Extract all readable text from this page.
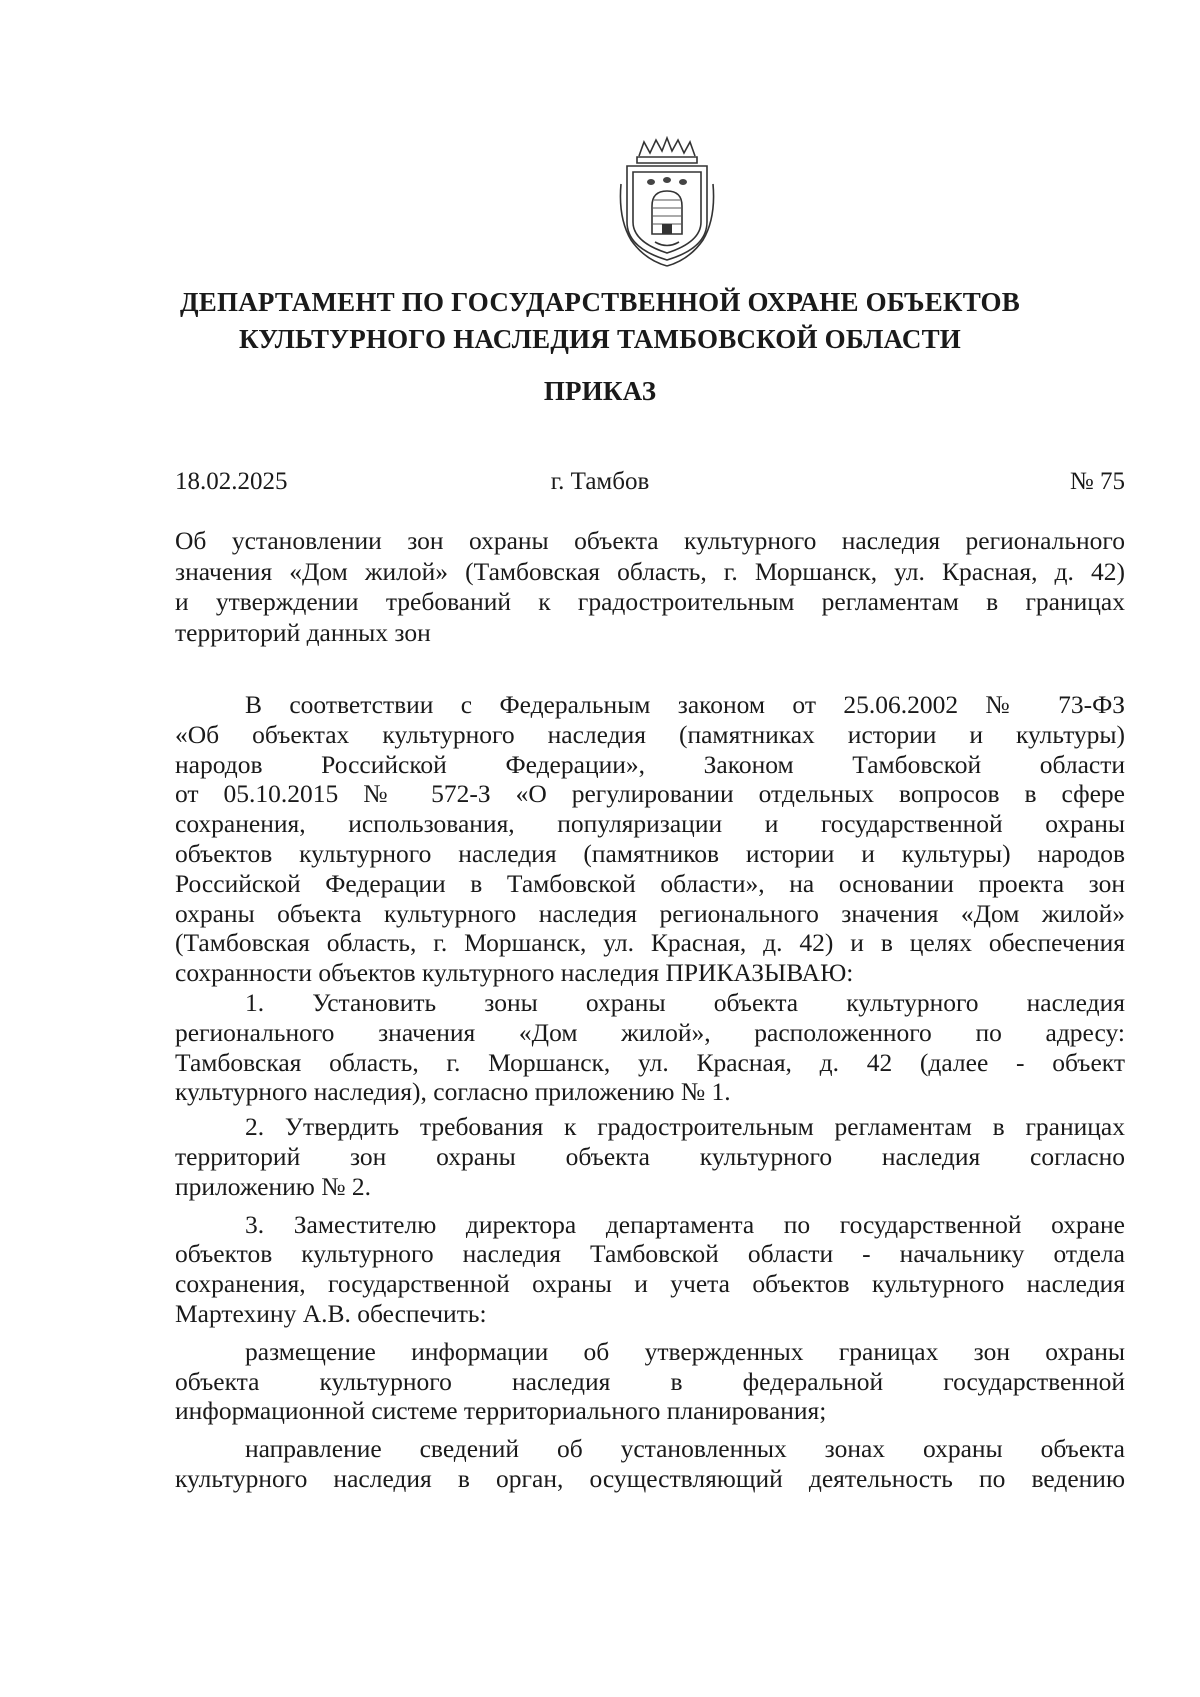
ДЕПАРТАМЕНТ ПО ГОСУДАРСТВЕННОЙ ОХРАНЕ ОБЪЕКТОВ
КУЛЬТУРНОГО НАСЛЕДИЯ ТАМБОВСКОЙ ОБЛАСТИ
ПРИКАЗ
18.02.2025	г. Тамбов	№ 75
Об установлении зон охраны объекта культурного наследия регионального
значения «Дом жилой» (Тамбовская область, г. Моршанск, ул. Красная, д. 42)
и утверждении требований к градостроительным регламентам в границах
территорий данных зон
В соответствии с Федеральным законом от 25.06.2002 № 73-ФЗ
«Об объектах культурного наследия (памятниках истории и культуры)
народов Российской Федерации», Законом Тамбовской области
от 05.10.2015 № 572-З «О регулировании отдельных вопросов в сфере
сохранения, использования, популяризации и государственной охраны
объектов культурного наследия (памятников истории и культуры) народов
Российской Федерации в Тамбовской области», на основании проекта зон
охраны объекта культурного наследия регионального значения «Дом жилой»
(Тамбовская область, г. Моршанск, ул. Красная, д. 42) и в целях обеспечения
сохранности объектов культурного наследия ПРИКАЗЫВАЮ:
1. Установить зоны охраны объекта культурного наследия
регионального значения «Дом жилой», расположенного по адресу:
Тамбовская область, г. Моршанск, ул. Красная, д. 42 (далее - объект
культурного наследия), согласно приложению № 1.
2. Утвердить требования к градостроительным регламентам в границах
территорий зон охраны объекта культурного наследия согласно
приложению № 2.
3. Заместителю директора департамента по государственной охране
объектов культурного наследия Тамбовской области - начальнику отдела
сохранения, государственной охраны и учета объектов культурного наследия
Мартехину А.В. обеспечить:
размещение информации об утвержденных границах зон охраны
объекта культурного наследия в федеральной государственной
информационной системе территориального планирования;
направление сведений об установленных зонах охраны объекта
культурного наследия в орган, осуществляющий деятельность по ведению
